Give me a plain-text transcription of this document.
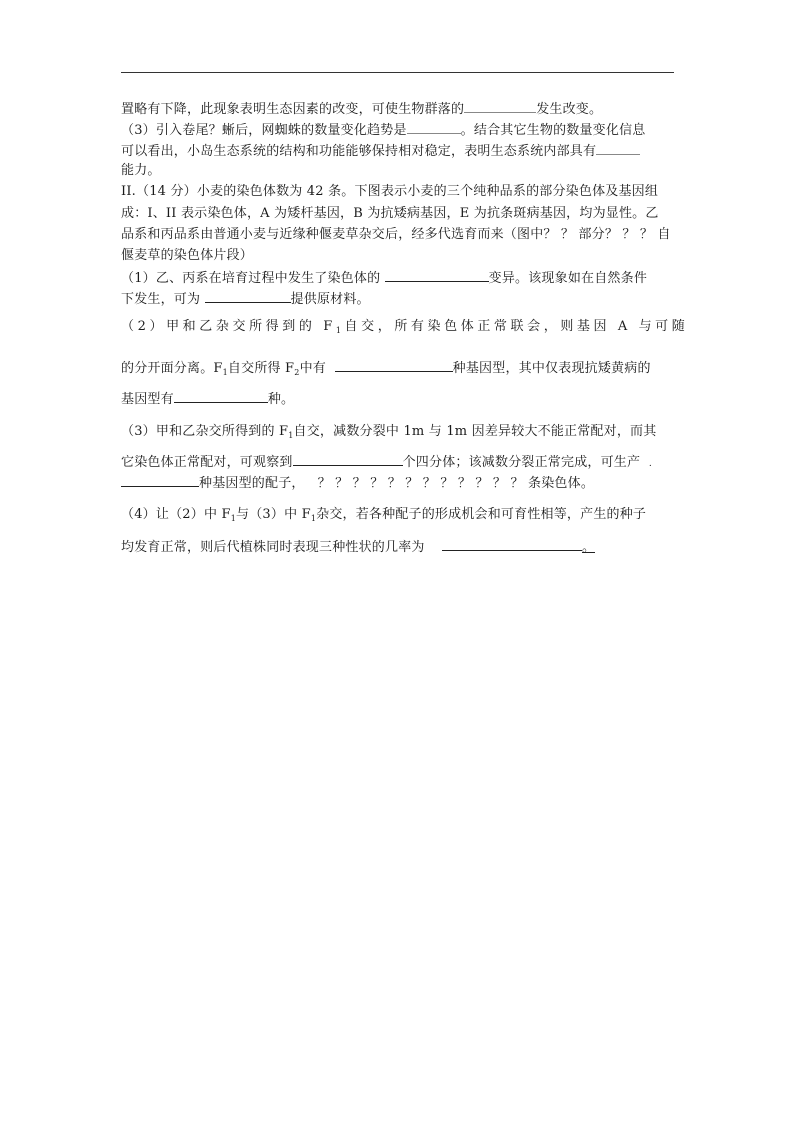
置略有下降，此现象表明生态因素的改变，可使生物群落的	发生改变。
（3）引入卷尾？蜥后，网蜘蛛的数量变化趋势是	。结合其它生物的数量变化信息
可以看出，小岛生态系统的结构和功能能够保持相对稳定，表明生态系统内部具有
能力。
II.（14 分）小麦的染色体数为 42 条。下图表示小麦的三个纯种品系的部分染色体及基因组
成：I、II 表示染色体，A 为矮杆基因，B 为抗矮病基因，E 为抗条斑病基因，均为显性。乙
品系和丙品系由普通小麦与近缘种偃麦草杂交后，经多代选育而来（图中？ ？ 部分？ ？ ？ 自
偃麦草的染色体片段）
（1）乙、丙系在培育过程中发生了染色体的	变异。该现象如在自然条件
下发生，可为	提供原材料。
（2）甲和乙杂交所得到的 $F_1$自交，所有染色体正常联会，则基因 A 与可随
的分开面分离。$F_1$自交所得 $F_2$中有	种基因型，其中仅表现抗矮黄病的
基因型有	种。
（3）甲和乙杂交所得到的 $F_1$自交，减数分裂中 1m 与 1m 因差异较大不能正常配对，而其
它染色体正常配对，可观察到	个四分体；该减数分裂正常完成，可生产 .
种基因型的配子， ？ ？ ？ ？ ？ ？ ？ ？ ？ ？ ？ ？ 条染色体。
（4）让（2）中 $F_1$与（3）中 $F_1$杂交，若各种配子的形成机会和可育性相等，产生的种子
均发育正常，则后代植株同时表现三种性状的几率为	。
